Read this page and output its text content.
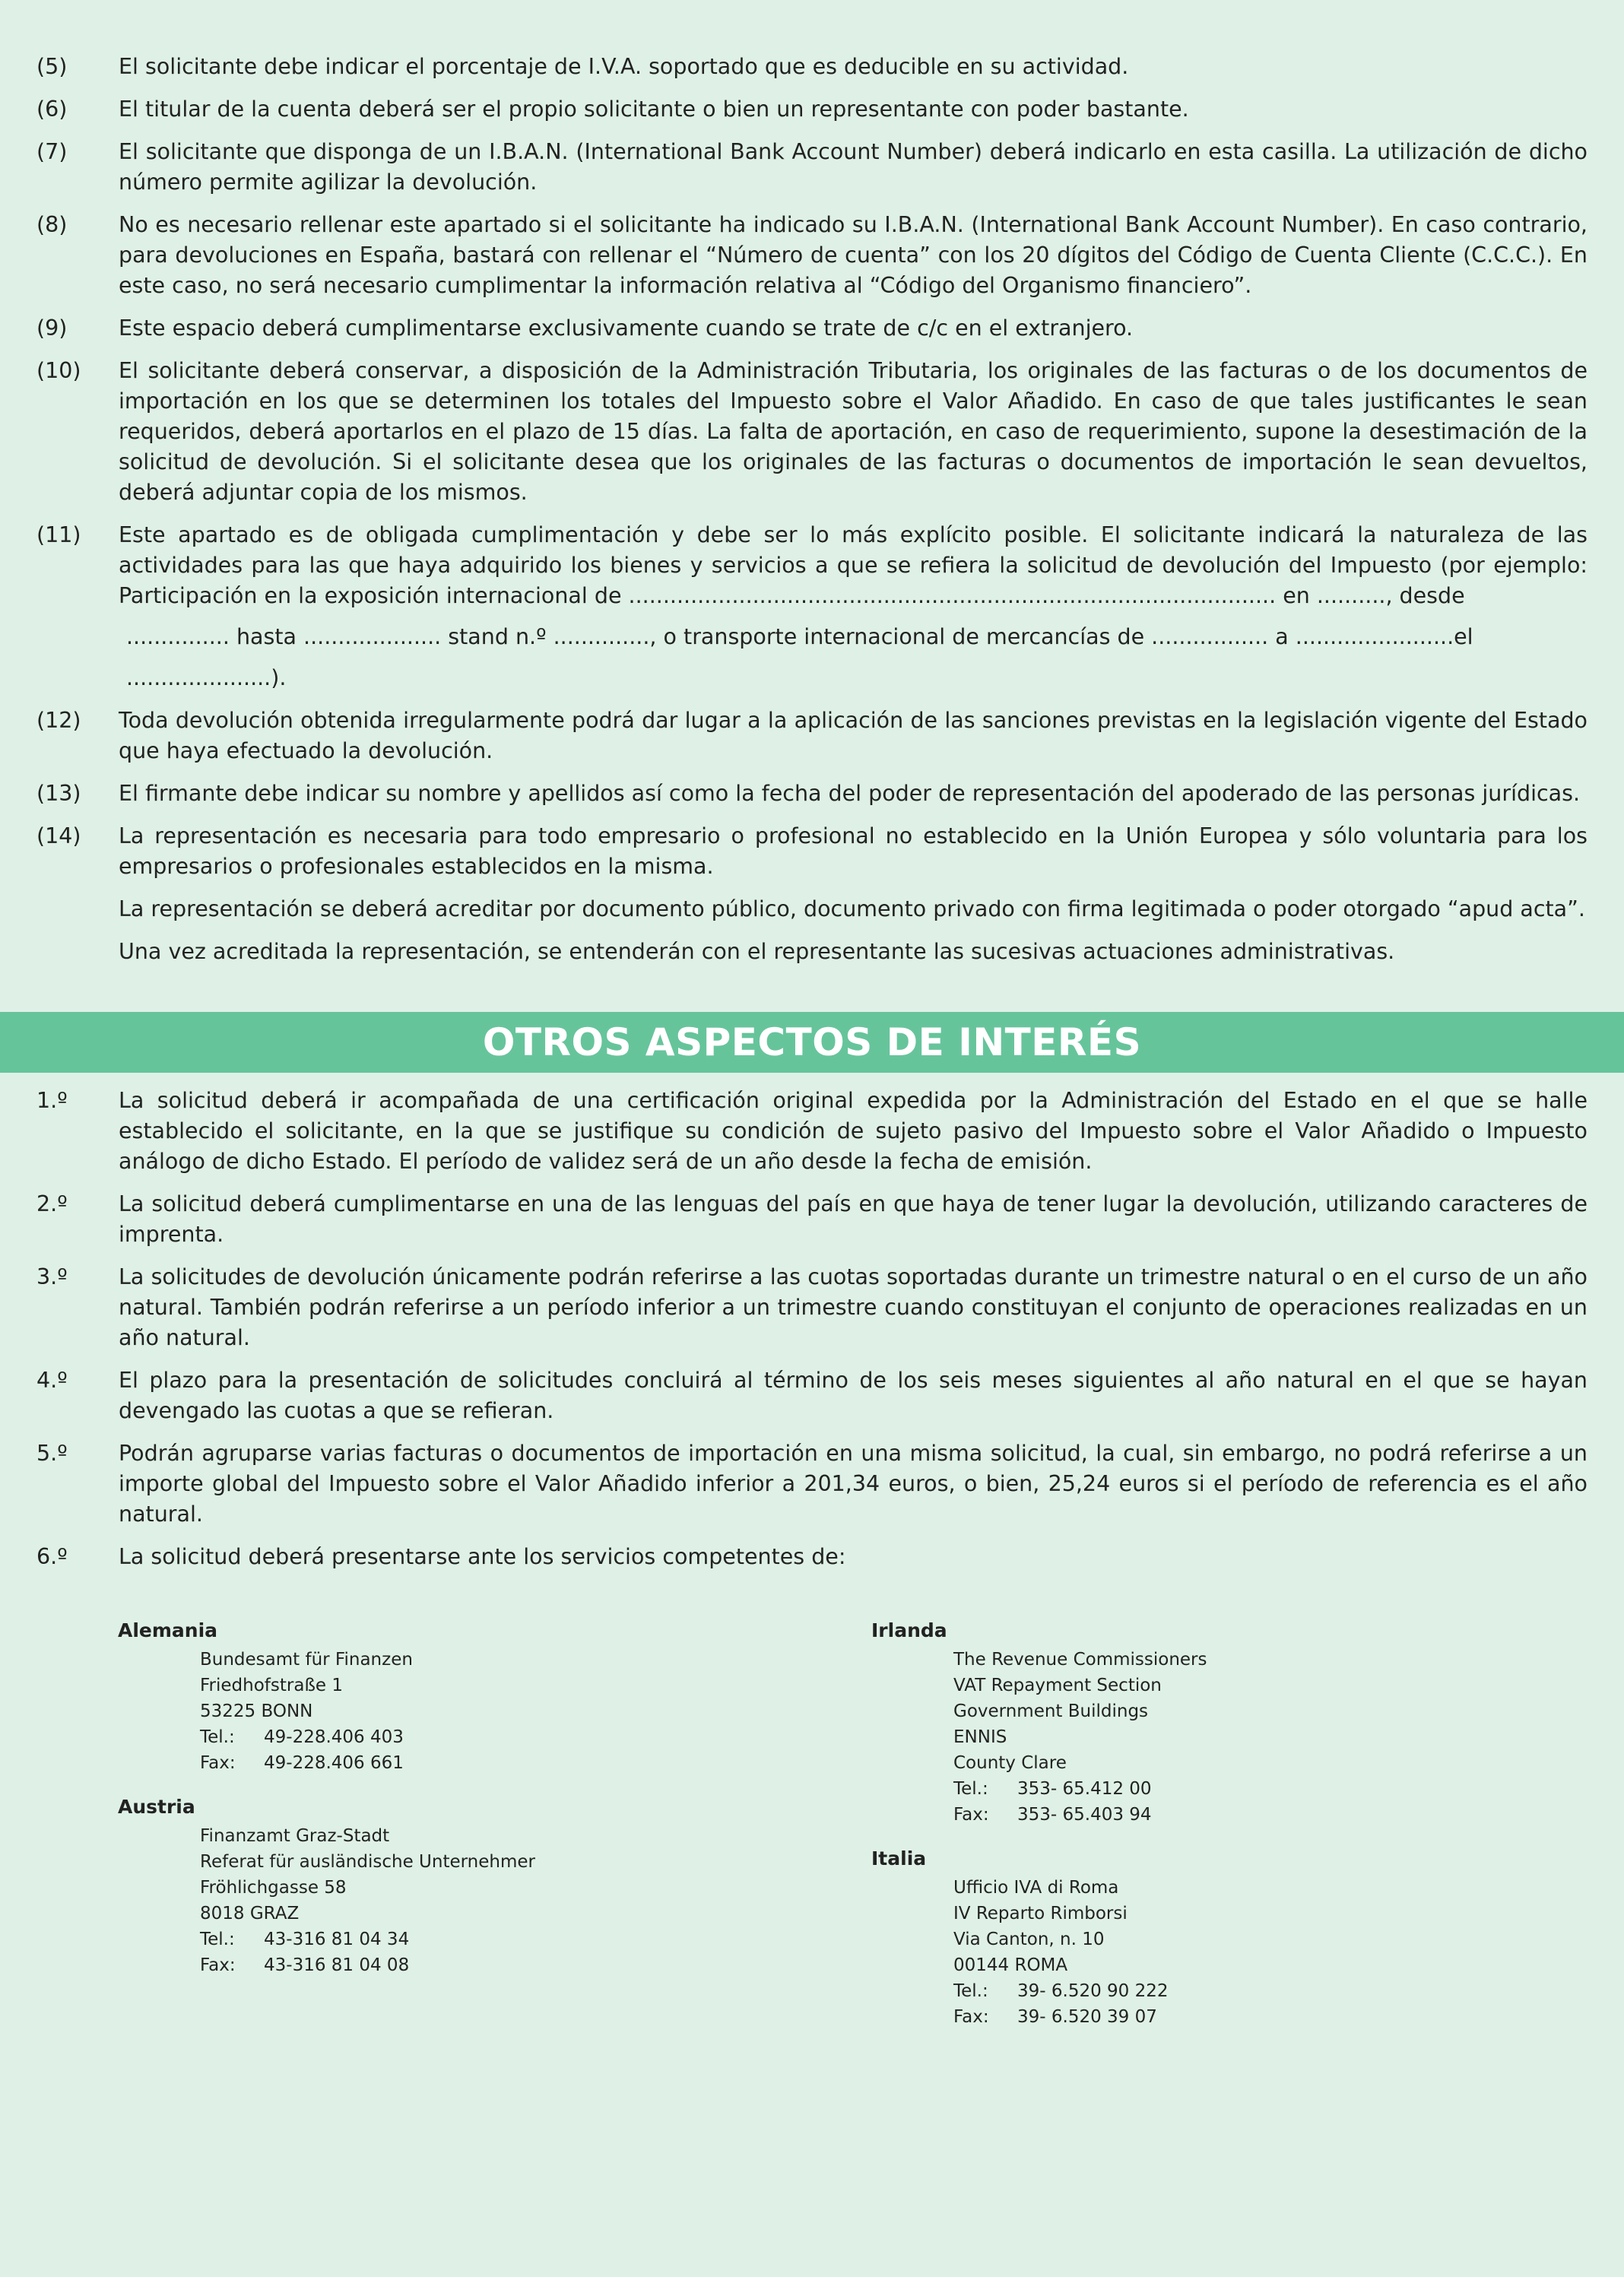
(5)	El solicitante debe indicar el porcentaje de I.V.A. soportado que es deducible en su actividad.
(6)	El titular de la cuenta deberá ser el propio solicitante o bien un representante con poder bastante.
(7)	El solicitante que disponga de un I.B.A.N. (International Bank Account Number) deberá indicarlo en esta casilla. La utilización de dicho número permite agilizar la devolución.
(8)	No es necesario rellenar este apartado si el solicitante ha indicado su I.B.A.N. (International Bank Account Number). En caso contrario, para devoluciones en España, bastará con rellenar el “Número de cuenta” con los 20 dígitos del Código de Cuenta Cliente (C.C.C.). En este caso, no será necesario cumplimentar la información relativa al “Código del Organismo financiero”.
(9)	Este espacio deberá cumplimentarse exclusivamente cuando se trate de c/c en el extranjero.
(10)	El solicitante deberá conservar, a disposición de la Administración Tributaria, los originales de las facturas o de los documentos de importación en los que se determinen los totales del Impuesto sobre el Valor Añadido. En caso de que tales justificantes le sean requeridos, deberá aportarlos en el plazo de 15 días. La falta de aportación, en caso de requerimiento, supone la desestimación de la solicitud de devolución. Si el solicitante desea que los originales de las facturas o documentos de importación le sean devueltos, deberá adjuntar copia de los mismos.
(11)	Este apartado es de obligada cumplimentación y debe ser lo más explícito posible. El solicitante indicará la naturaleza de las actividades para las que haya adquirido los bienes y servicios a que se refiera la solicitud de devolución del Impuesto (por ejemplo: Participación en la exposición internacional de .............................................................................................. en .........., desde

............... hasta .................... stand n.º .............., o transporte internacional de mercancías de ................. a .......................el
.....................).
(12)	Toda devolución obtenida irregularmente podrá dar lugar a la aplicación de las sanciones previstas en la legislación vigente del Estado que haya efectuado la devolución.
(13)	El firmante debe indicar su nombre y apellidos así como la fecha del poder de representación del apoderado de las personas jurídicas.
(14)	La representación es necesaria para todo empresario o profesional no establecido en la Unión Europea y sólo voluntaria para los empresarios o profesionales establecidos en la misma.

La representación se deberá acreditar por documento público, documento privado con firma legitimada o poder otorgado “apud acta”.

Una vez acreditada la representación, se entenderán con el representante las sucesivas actuaciones administrativas.

OTROS ASPECTOS DE INTERÉS
1.º	La solicitud deberá ir acompañada de una certificación original expedida por la Administración del Estado en el que se halle establecido el solicitante, en la que se justifique su condición de sujeto pasivo del Impuesto sobre el Valor Añadido o Impuesto análogo de dicho Estado. El período de validez será de un año desde la fecha de emisión.
2.º	La solicitud deberá cumplimentarse en una de las lenguas del país en que haya de tener lugar la devolución, utilizando caracteres de imprenta.
3.º	La solicitudes de devolución únicamente podrán referirse a las cuotas soportadas durante un trimestre natural o en el curso de un año natural. También podrán referirse a un período inferior a un trimestre cuando constituyan el conjunto de operaciones realizadas en un año natural.
4.º	El plazo para la presentación de solicitudes concluirá al término de los seis meses siguientes al año natural en el que se hayan devengado las cuotas a que se refieran.
5.º	Podrán agruparse varias facturas o documentos de importación en una misma solicitud, la cual, sin embargo, no podrá referirse a un importe global del Impuesto sobre el Valor Añadido inferior a 201,34 euros, o bien, 25,24 euros si el período de referencia es el año natural.
6.º	La solicitud deberá presentarse ante los servicios competentes de:
Alemania
Bundesamt für Finanzen
Friedhofstraße 1
53225 BONN
Tel.: 49-228.406 403
Fax: 49-228.406 661
Austria
Finanzamt Graz-Stadt
Referat für ausländische Unternehmer
Fröhlichgasse 58
8018 GRAZ
Tel.: 43-316 81 04 34
Fax: 43-316 81 04 08
Irlanda
The Revenue Commissioners
VAT Repayment Section
Government Buildings
ENNIS
County Clare
Tel.: 353- 65.412 00
Fax: 353- 65.403 94
Italia
Ufficio IVA di Roma
IV Reparto Rimborsi
Via Canton, n. 10
00144 ROMA
Tel.: 39- 6.520 90 222
Fax: 39- 6.520 39 07
